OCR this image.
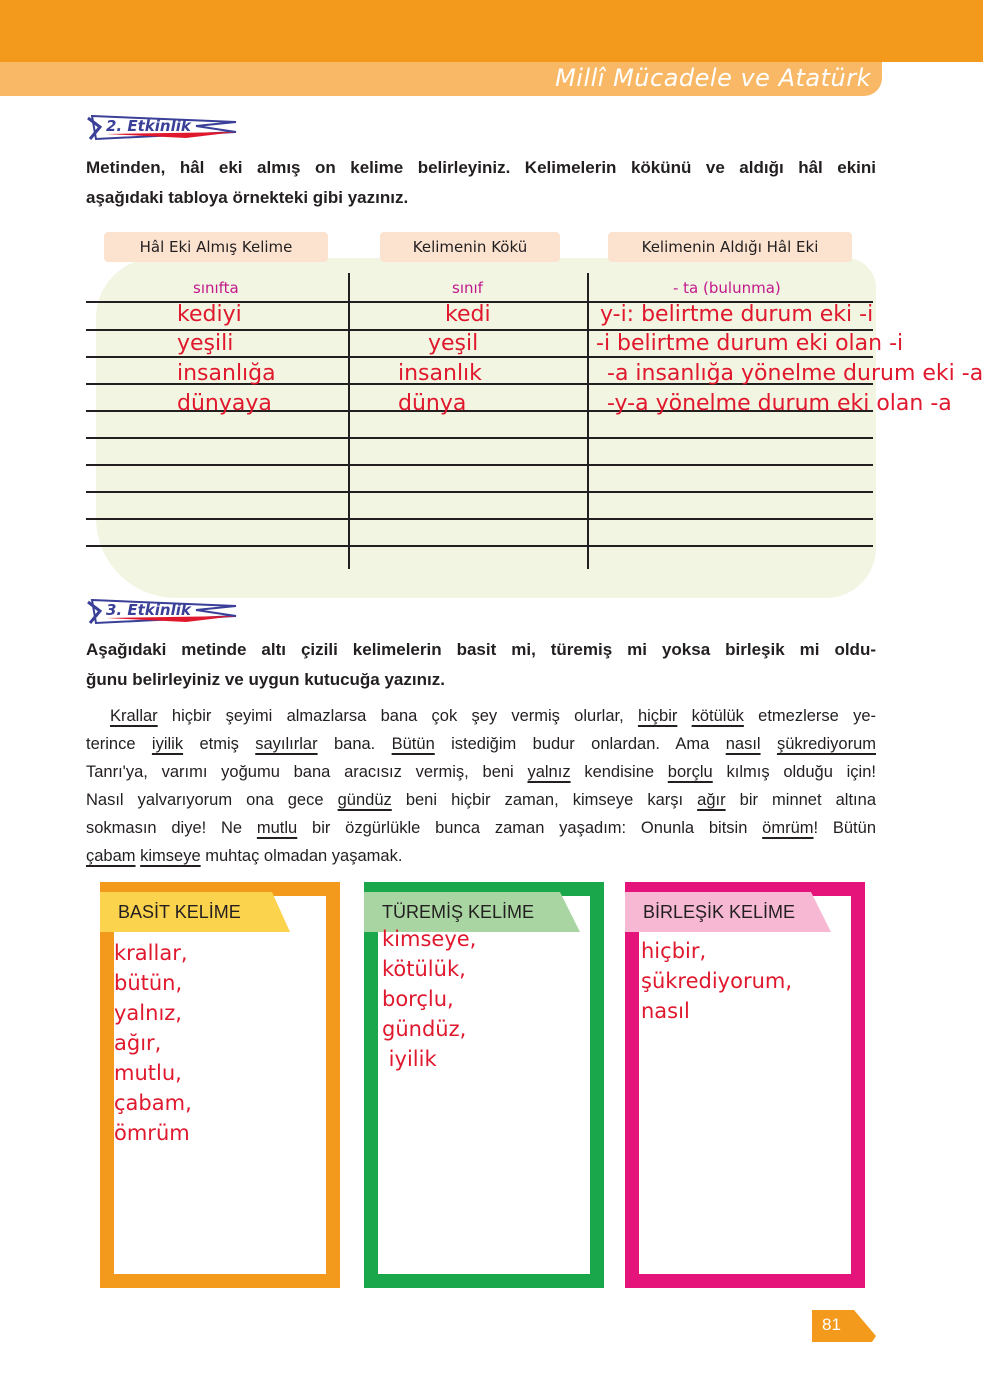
Millî Mücadele ve Atatürk
2. Etkinlik
Metinden, hâl eki almış on kelime belirleyiniz. Kelimelerin kökünü ve aldığı hâl ekini
aşağıdaki tabloya örnekteki gibi yazınız.
Hâl Eki Almış Kelime	Kelimenin Kökü	Kelimenin Aldığı Hâl Eki
sınıfta	sınıf	- ta (bulunma)
kediyi	kedi	y-i: belirtme durum eki -i
yeşili	yeşil	-i belirtme durum eki olan -i
insanlığa	insanlık	-a insanlığa yönelme durum eki -a
dünyaya	dünya	-y-a yönelme durum eki olan -a
3. Etkinlik
Aşağıdaki metinde altı çizili kelimelerin basit mi, türemiş mi yoksa birleşik mi oldu-
ğunu belirleyiniz ve uygun kutucuğa yazınız.
Krallar hiçbir şeyimi almazlarsa bana çok şey vermiş olurlar, hiçbir kötülük etmezlerse ye-
terince iyilik etmiş sayılırlar bana. Bütün istediğim budur onlardan. Ama nasıl şükrediyorum
Tanrı'ya, varımı yoğumu bana aracısız vermiş, beni yalnız kendisine borçlu kılmış olduğu için!
Nasıl yalvarıyorum ona gece gündüz beni hiçbir zaman, kimseye karşı ağır bir minnet altına
sokmasın diye! Ne mutlu bir özgürlükle bunca zaman yaşadım: Onunla bitsin ömrüm! Bütün
çabam kimseye muhtaç olmadan yaşamak.
BASİT KELİME
krallar,
bütün,
yalnız,
ağır,
mutlu,
çabam,
ömrüm
TÜREMİŞ KELİME
kimseye,
kötülük,
borçlu,
gündüz,
iyilik
BİRLEŞİK KELİME
hiçbir,
şükrediyorum,
nasıl
81
